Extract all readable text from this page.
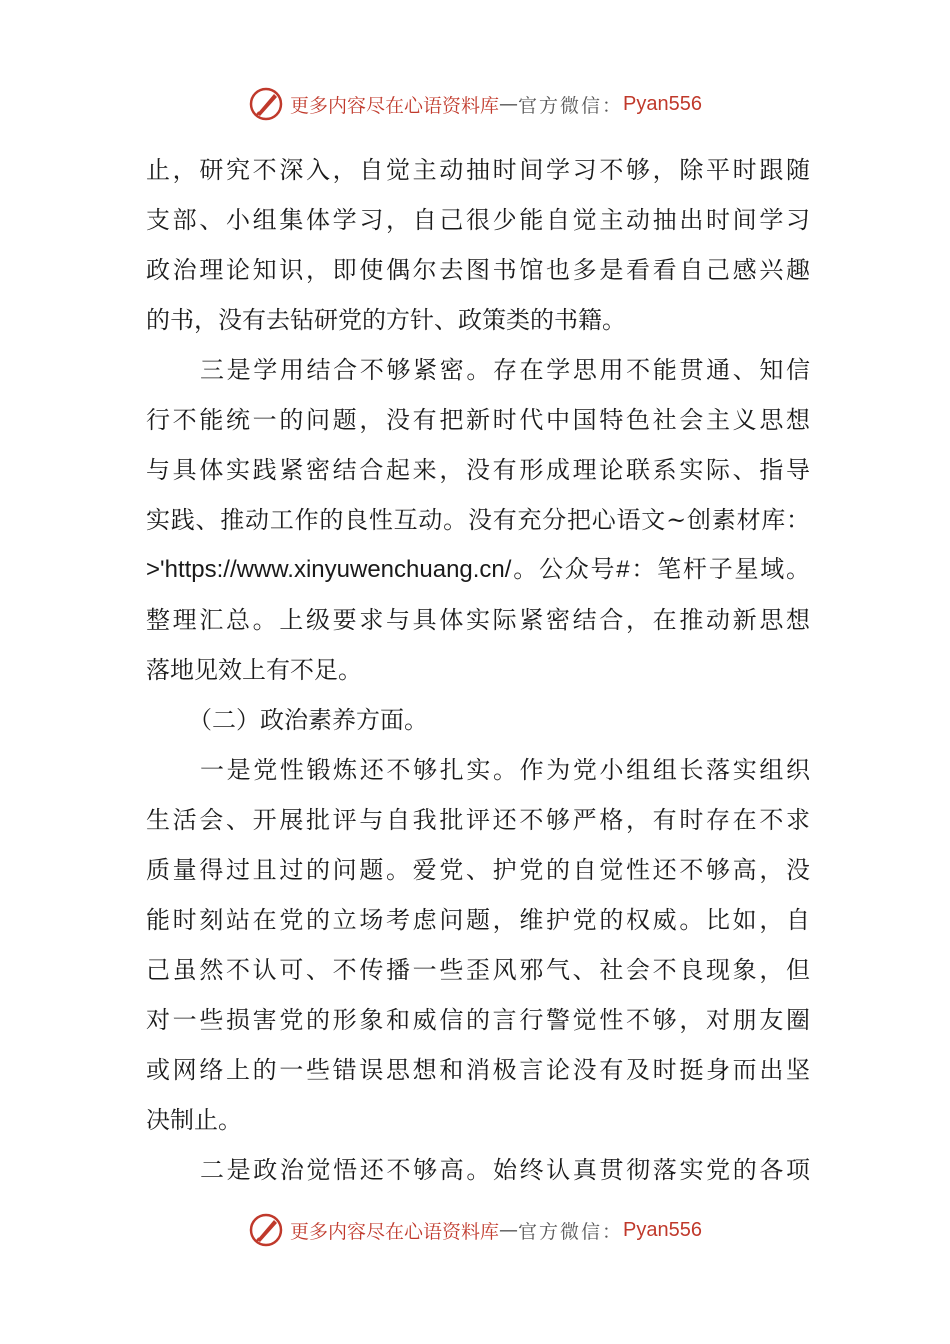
更多内容尽在心语资料库 — 官方微信： Pyan556
止，研究不深入，自觉主动抽时间学习不够，除平时跟随
支部、小组集体学习，自己很少能自觉主动抽出时间学习
政治理论知识，即使偶尔去图书馆也多是看看自己感兴趣
的书，没有去钻研党的方针、政策类的书籍。
三是学用结合不够紧密。存在学思用不能贯通、知信
行不能统一的问题，没有把新时代中国特色社会主义思想
与具体实践紧密结合起来，没有形成理论联系实际、指导
实践、推动工作的良性互动。没有充分把心语文~创素材库：
>'https://www.xinyuwenchuang.cn/。公众号#：笔杆子星域。
整理汇总。上级要求与具体实际紧密结合，在推动新思想
落地见效上有不足。
（二）政治素养方面。
一是党性锻炼还不够扎实。作为党小组组长落实组织
生活会、开展批评与自我批评还不够严格，有时存在不求
质量得过且过的问题。爱党、护党的自觉性还不够高，没
能时刻站在党的立场考虑问题，维护党的权威。比如，自
己虽然不认可、不传播一些歪风邪气、社会不良现象，但
对一些损害党的形象和威信的言行警觉性不够，对朋友圈
或网络上的一些错误思想和消极言论没有及时挺身而出坚
决制止。
二是政治觉悟还不够高。始终认真贯彻落实党的各项
更多内容尽在心语资料库 — 官方微信： Pyan556
